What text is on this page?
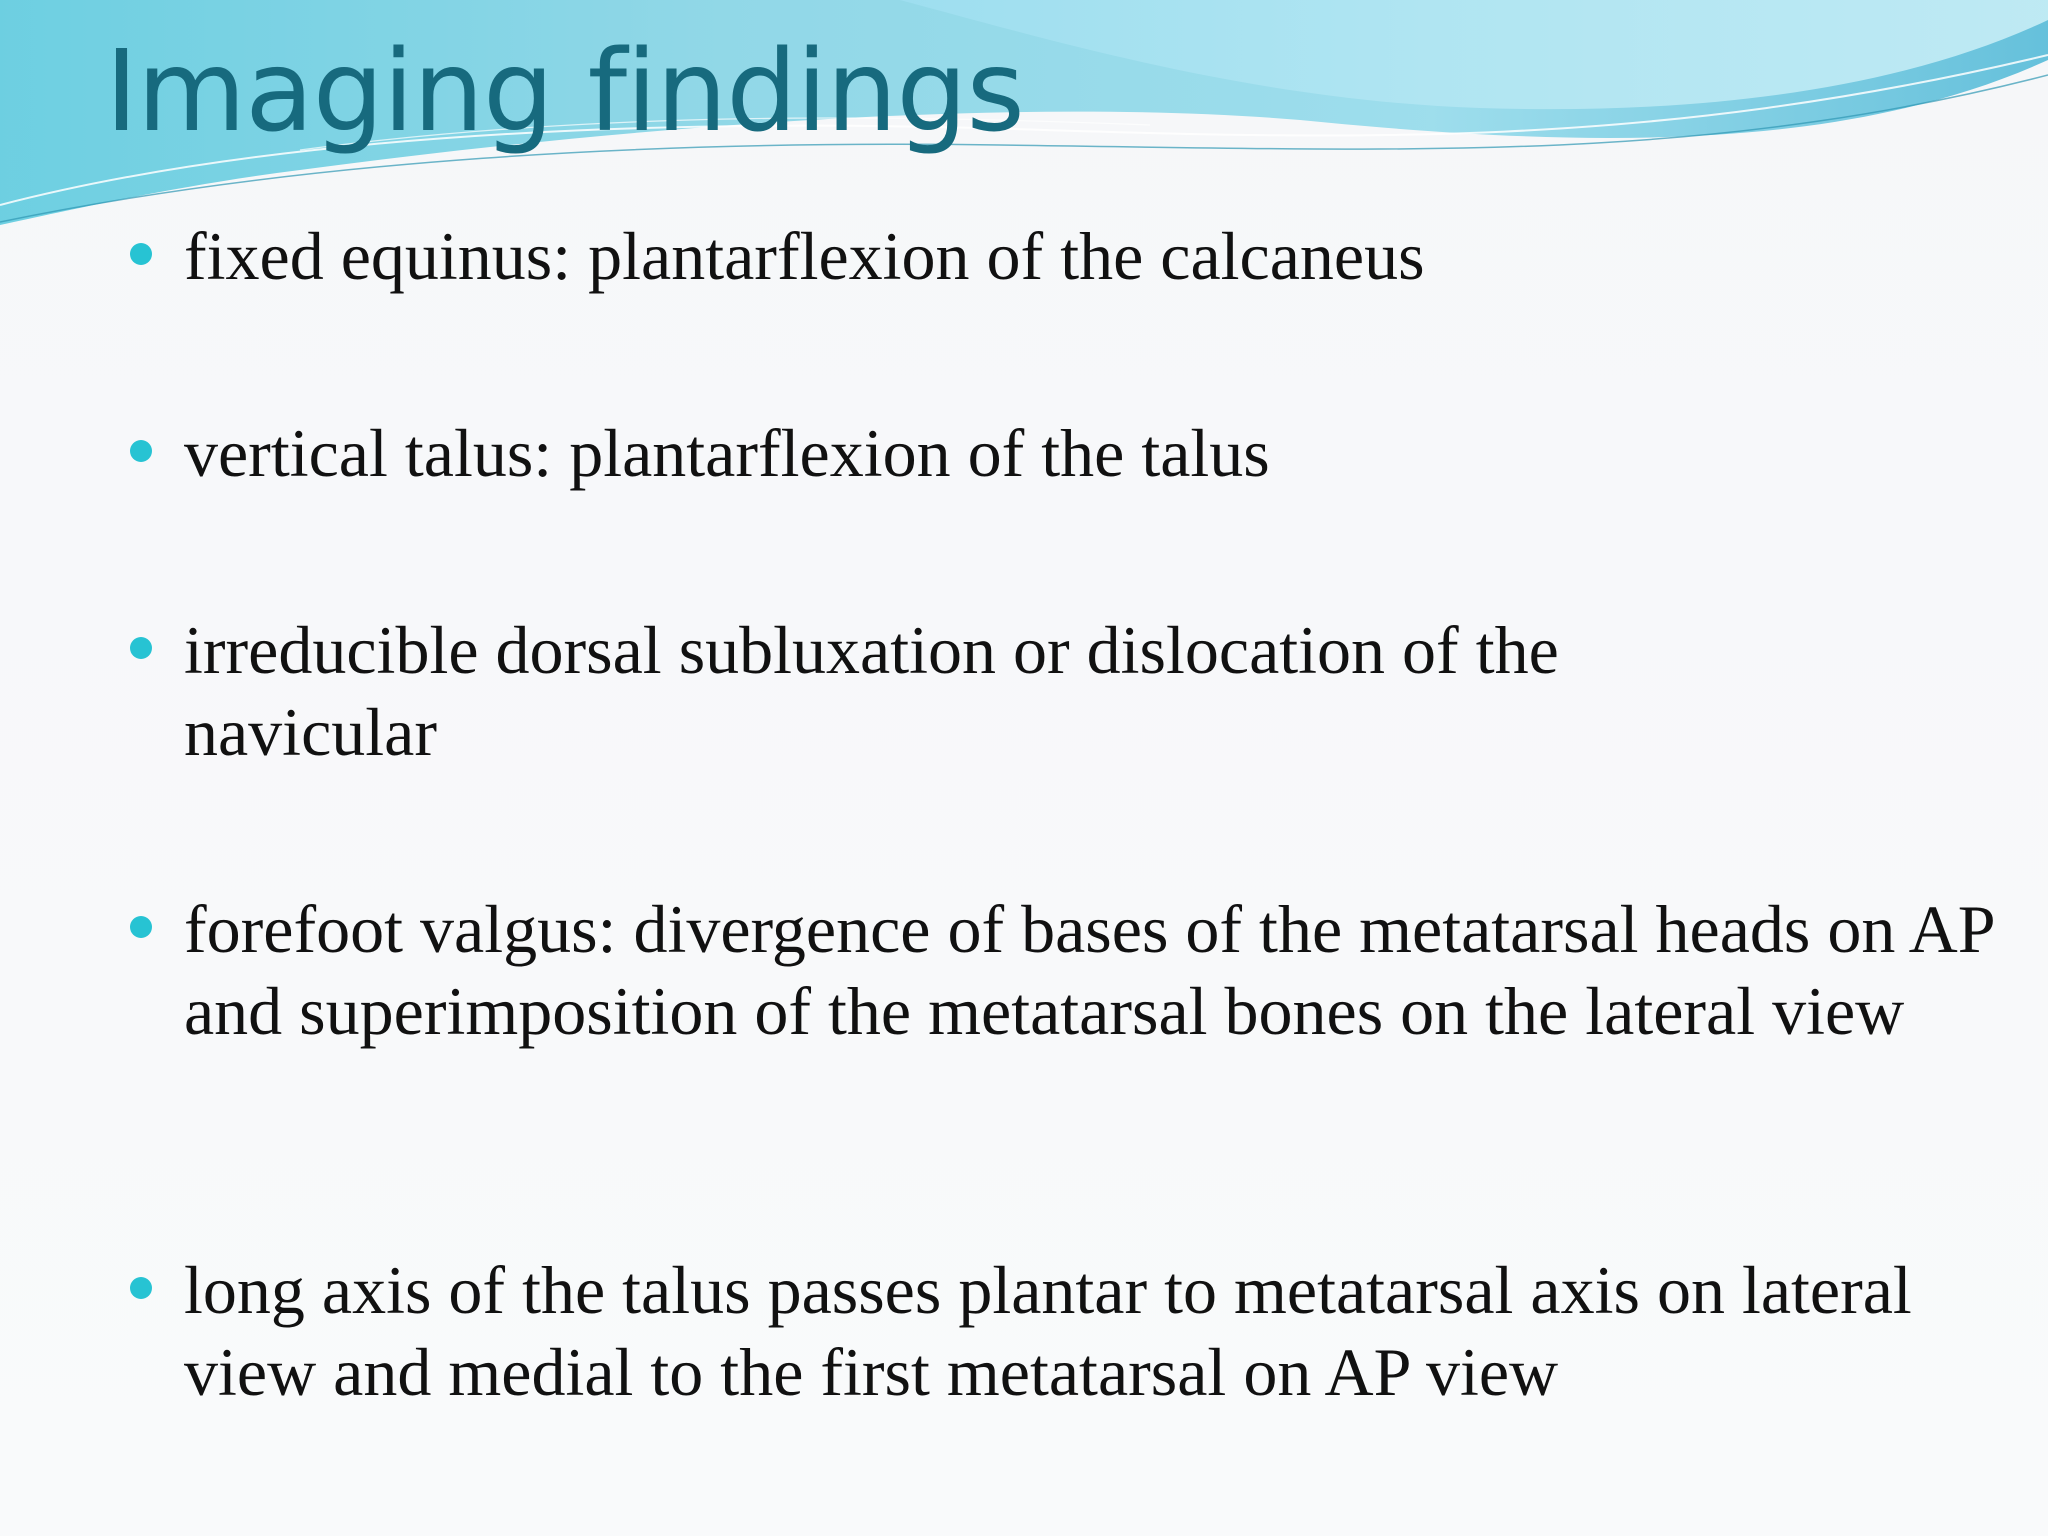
Imaging findings
fixed equinus: plantarflexion of the calcaneus
vertical talus: plantarflexion of the talus
irreducible dorsal subluxation or dislocation of the navicular
forefoot valgus: divergence of bases of the metatarsal heads on AP and superimposition of the metatarsal bones on the lateral view
long axis of the talus passes plantar to metatarsal axis on lateral view and medial to the first metatarsal on AP view
